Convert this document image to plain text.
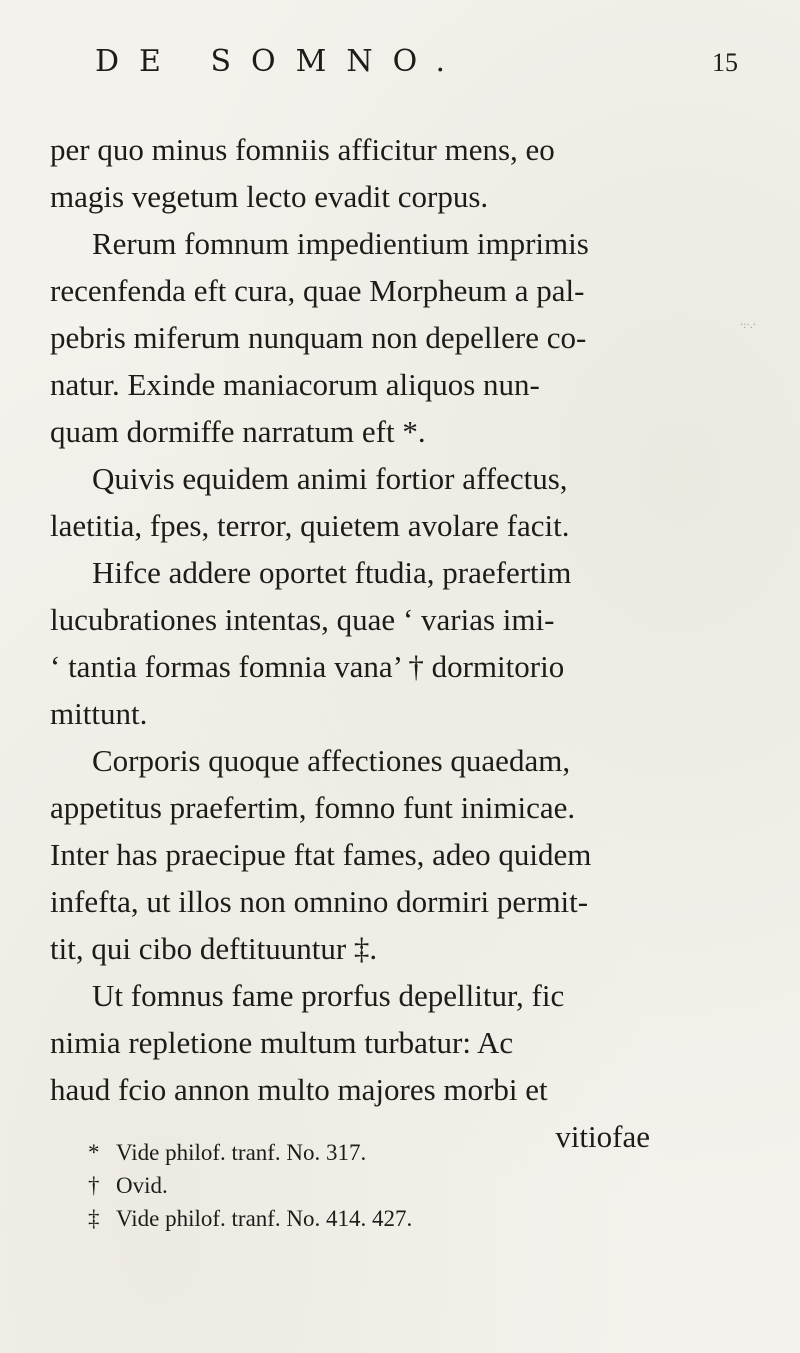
DE SOMNO.	15
per quo minus fomniis afficitur mens, eo
magis vegetum lecto evadit corpus.
Rerum fomnum impedientium imprimis
recenfenda eft cura, quae Morpheum a pal-
pebris miferum nunquam non depellere co-
natur. Exinde maniacorum aliquos nun-
quam dormiffe narratum eft *.
Quivis equidem animi fortior affectus,
laetitia, fpes, terror, quietem avolare facit.
Hifce addere oportet ftudia, praefertim
lucubrationes intentas, quae ‘ varias imi-
‘ tantia formas fomnia vana’ † dormitorio
mittunt.
Corporis quoque affectiones quaedam,
appetitus praefertim, fomno funt inimicae.
Inter has praecipue ftat fames, adeo quidem
infefta, ut illos non omnino dormiri permit-
tit, qui cibo deftituuntur ‡.
Ut fomnus fame prorfus depellitur, fic
nimia repletione multum turbatur: Ac
haud fcio annon multo majores morbi et
vitiofae
* Vide philof. tranf. No. 317.
† Ovid.
‡ Vide philof. tranf. No. 414. 427.
·:·.·
